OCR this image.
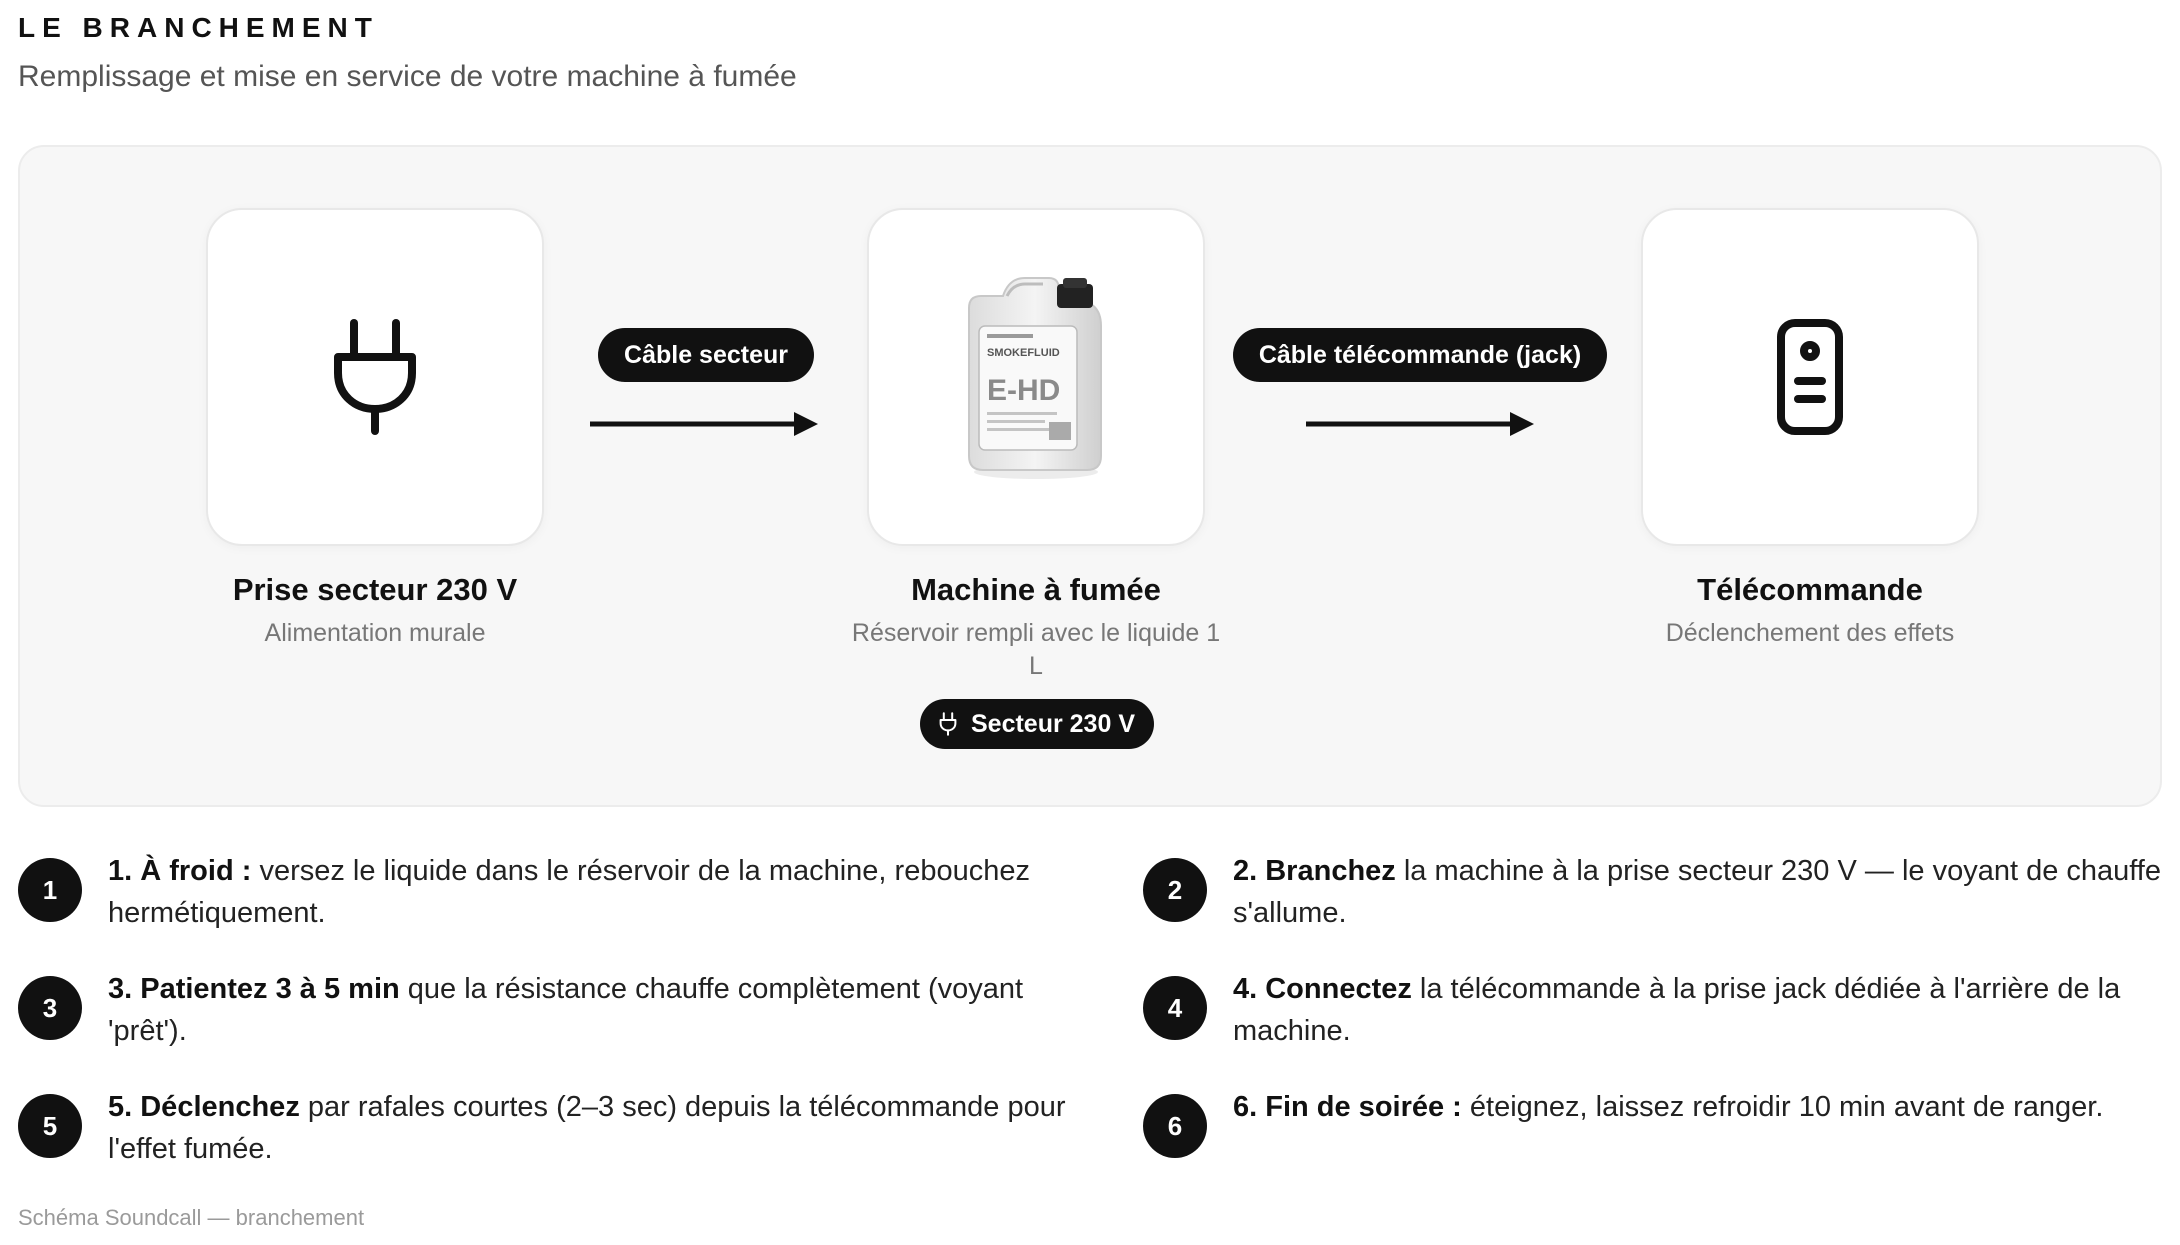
LE BRANCHEMENT
Remplissage et mise en service de votre machine à fumée
Prise secteur 230 V
Alimentation murale
Câble secteur	SMOKEFLUID
E-HD
Machine à fumée
Réservoir rempli avec le liquide 1 L
Secteur 230 V
Câble télécommande (jack)
Télécommande
Déclenchement des effets
1
1. À froid : versez le liquide dans le réservoir de la machine, rebouchez hermétiquement.
2
2. Branchez la machine à la prise secteur 230 V — le voyant de chauffe s'allume.
3
3. Patientez 3 à 5 min que la résistance chauffe complètement (voyant 'prêt').
4
4. Connectez la télécommande à la prise jack dédiée à l'arrière de la machine.
5
5. Déclenchez par rafales courtes (2–3 sec) depuis la télécommande pour l'effet fumée.
6
6. Fin de soirée : éteignez, laissez refroidir 10 min avant de ranger.
Schéma Soundcall — branchement
